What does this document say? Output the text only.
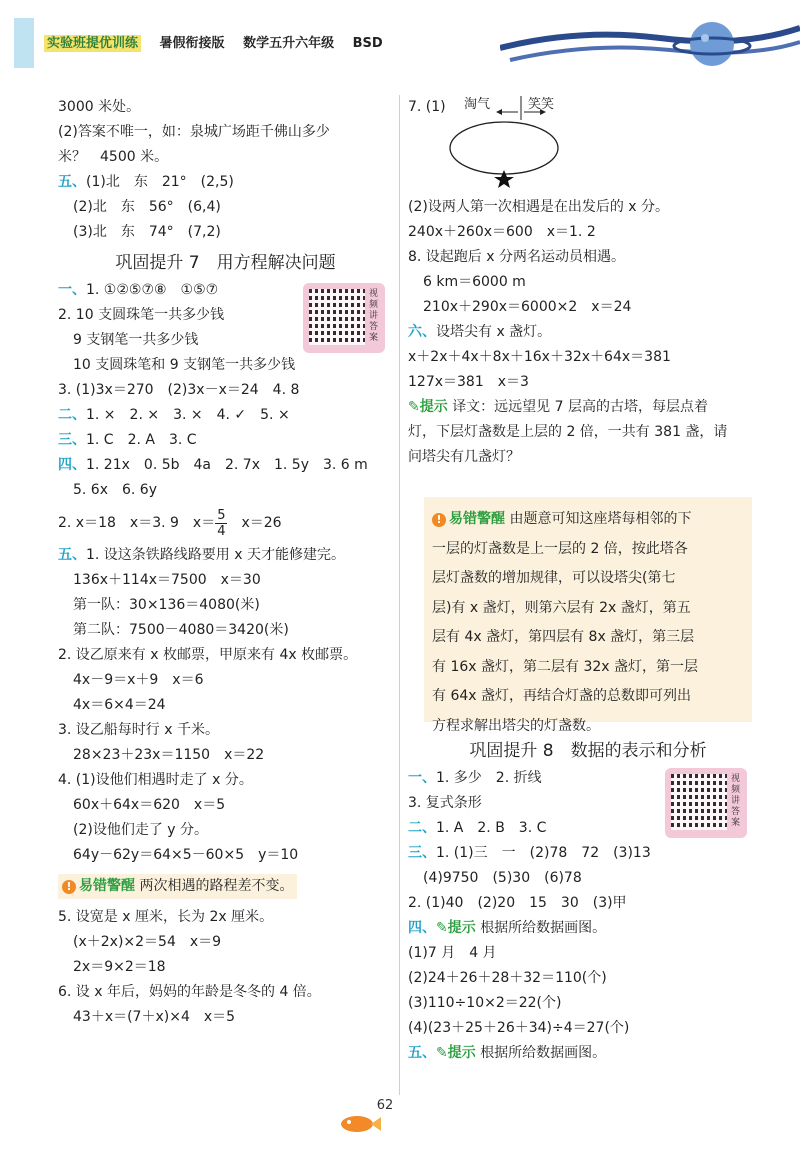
实验班提优训练 暑假衔接版 数学五升六年级 BSD
3000 米处。
(2)答案不唯一，如：泉城广场距千佛山多少
米？　4500 米。
五、(1)北　东　21°　(2,5)
(2)北　东　56°　(6,4)
(3)北　东　74°　(7,2)
巩固提升 7　用方程解决问题
一、1. ①②⑤⑦⑧　①⑤⑦
2. 10 支圆珠笔一共多少钱
9 支钢笔一共多少钱
10 支圆珠笔和 9 支钢笔一共多少钱
3. (1)3x＝270　(2)3x－x＝24　4. 8
二、1. ×　2. ×　3. ×　4. ✓　5. ×
三、1. C　2. A　3. C
四、1. 21x　0. 5b　4a　2. 7x　1. 5y　3. 6 m
5. 6x　6. 6y
2. x＝18　x＝3. 9　$x= \frac{5}{4}$ 　x＝26
五、1. 设这条铁路线路要用 x 天才能修建完。
136x＋114x＝7500　x＝30
第一队：30×136＝4080(米)
第二队：7500－4080＝3420(米)
2. 设乙原来有 x 枚邮票，甲原来有 4x 枚邮票。
4x－9＝x＋9　x＝6
4x＝6×4＝24
3. 设乙船每时行 x 千米。
28×23＋23x＝1150　x＝22
4. (1)设他们相遇时走了 x 分。
60x＋64x＝620　x＝5
(2)设他们走了 y 分。
64y－62y＝64×5－60×5　y＝10
! 易错警醒 两次相遇的路程差不变。
5. 设宽是 x 厘米，长为 2x 厘米。
(x＋2x)×2＝54　x＝9
2x＝9×2＝18
6. 设 x 年后，妈妈的年龄是冬冬的 4 倍。
43＋x＝(7＋x)×4　x＝5
视频讲答案
7. (1)
(2)设两人第一次相遇是在出发后的 x 分。
240x＋260x＝600　x＝1. 2
8. 设起跑后 x 分两名运动员相遇。
6 km＝6000 m
210x＋290x＝6000×2　x＝24
六、设塔尖有 x 盏灯。
x＋2x＋4x＋8x＋16x＋32x＋64x＝381
127x＝381　x＝3
✎提示 译文：远远望见 7 层高的古塔，每层点着
灯，下层灯盏数是上层的 2 倍，一共有 381 盏，请
问塔尖有几盏灯？
淘气	笑笑
! 易错警醒 由题意可知这座塔每相邻的下
一层的灯盏数是上一层的 2 倍，按此塔各
层灯盏数的增加规律，可以设塔尖(第七
层)有 x 盏灯，则第六层有 2x 盏灯，第五
层有 4x 盏灯，第四层有 8x 盏灯，第三层
有 16x 盏灯，第二层有 32x 盏灯，第一层
有 64x 盏灯，再结合灯盏的总数即可列出
方程求解出塔尖的灯盏数。
巩固提升 8　数据的表示和分析
一、1. 多少　2. 折线
3. 复式条形
二、1. A　2. B　3. C
三、1. (1)三　一　(2)78　72　(3)13
(4)9750　(5)30　(6)78
2. (1)40　(2)20　15　30　(3)甲
四、✎提示 根据所给数据画图。
(1)7 月　4 月
(2)24＋26＋28＋32＝110(个)
(3)110÷10×2＝22(个)
(4)(23＋25＋26＋34)÷4＝27(个)
五、✎提示 根据所给数据画图。
视频讲答案
62
